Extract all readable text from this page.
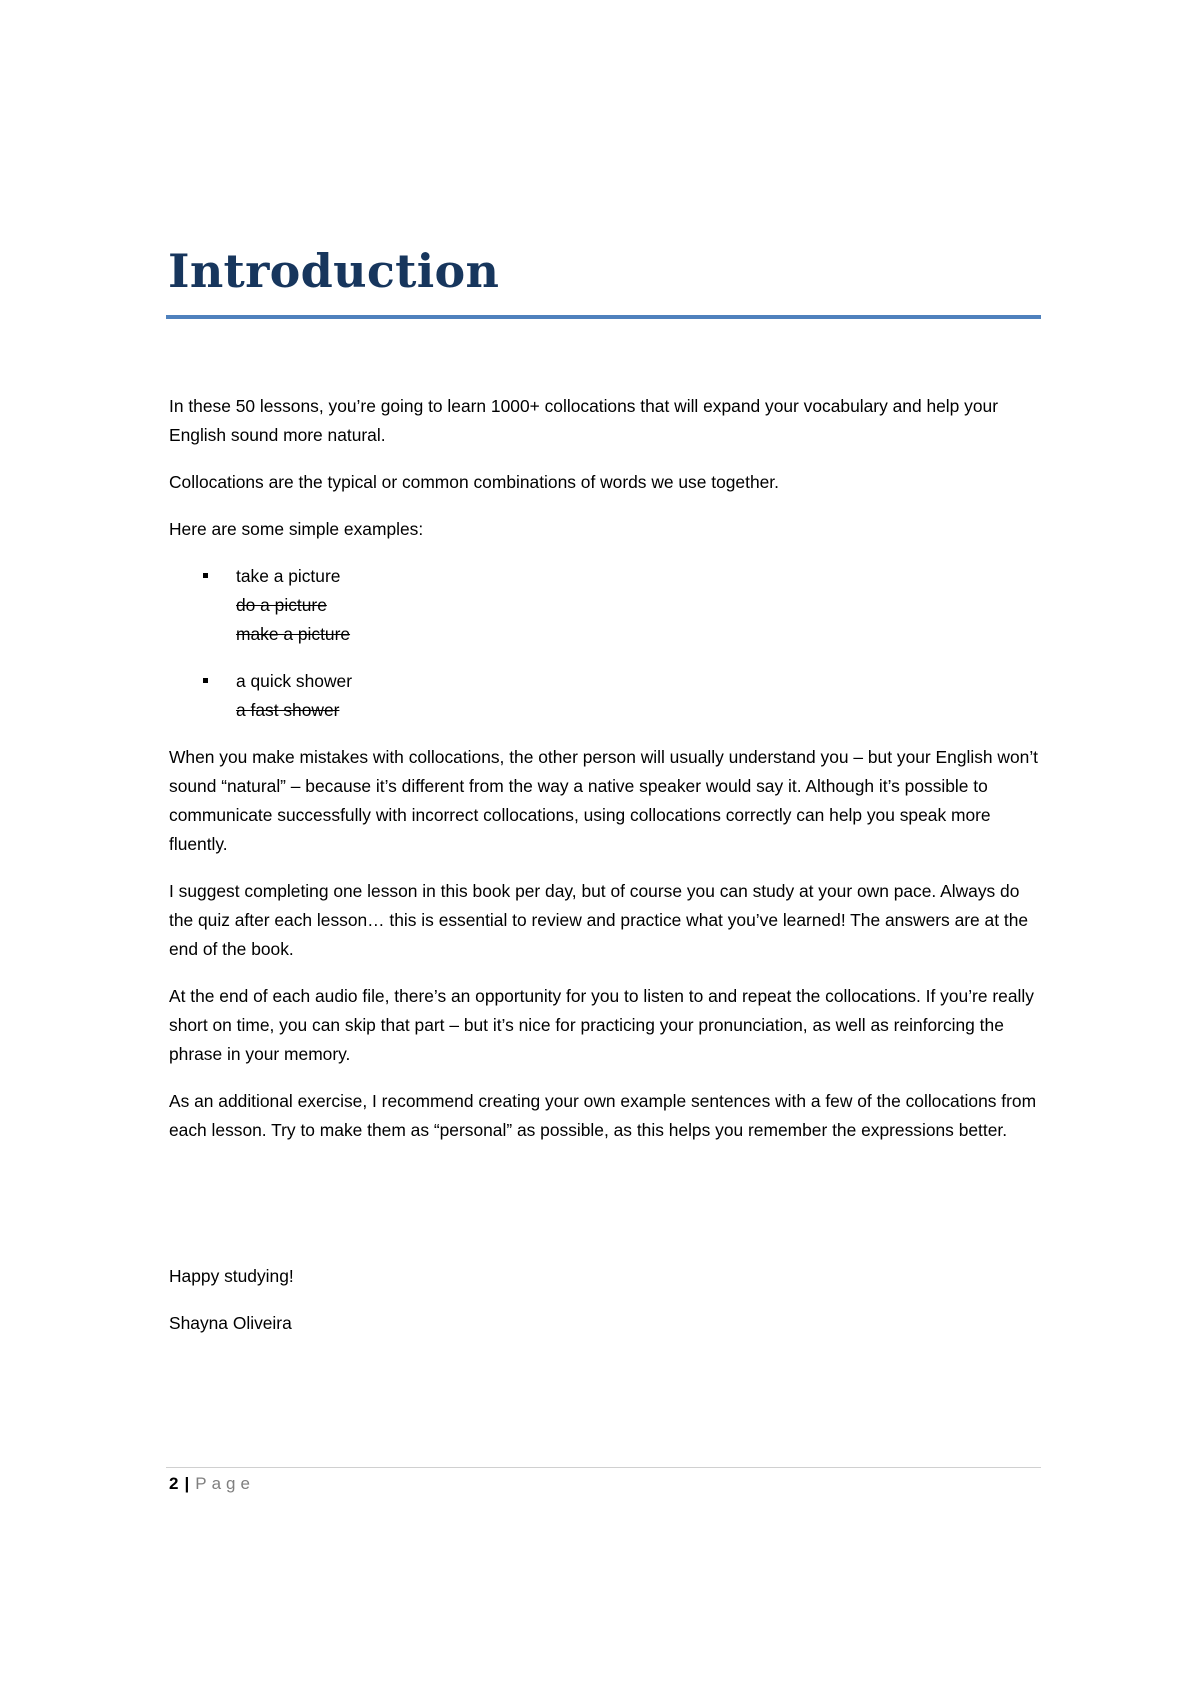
Introduction

In these 50 lessons, you’re going to learn 1000+ collocations that will expand your vocabulary and help your English sound more natural.

Collocations are the typical or common combinations of words we use together.

Here are some simple examples:

take a picture
do a picture
make a picture
a quick shower
a fast shower

When you make mistakes with collocations, the other person will usually understand you – but your English won’t sound “natural” – because it’s different from the way a native speaker would say it. Although it’s possible to communicate successfully with incorrect collocations, using collocations correctly can help you speak more fluently.

I suggest completing one lesson in this book per day, but of course you can study at your own pace. Always do the quiz after each lesson… this is essential to review and practice what you’ve learned! The answers are at the end of the book.

At the end of each audio file, there’s an opportunity for you to listen to and repeat the collocations. If you’re really short on time, you can skip that part – but it’s nice for practicing your pronunciation, as well as reinforcing the phrase in your memory.

As an additional exercise, I recommend creating your own example sentences with a few of the collocations from each lesson. Try to make them as “personal” as possible, as this helps you remember the expressions better.

Happy studying!

Shayna Oliveira

2 | Page
